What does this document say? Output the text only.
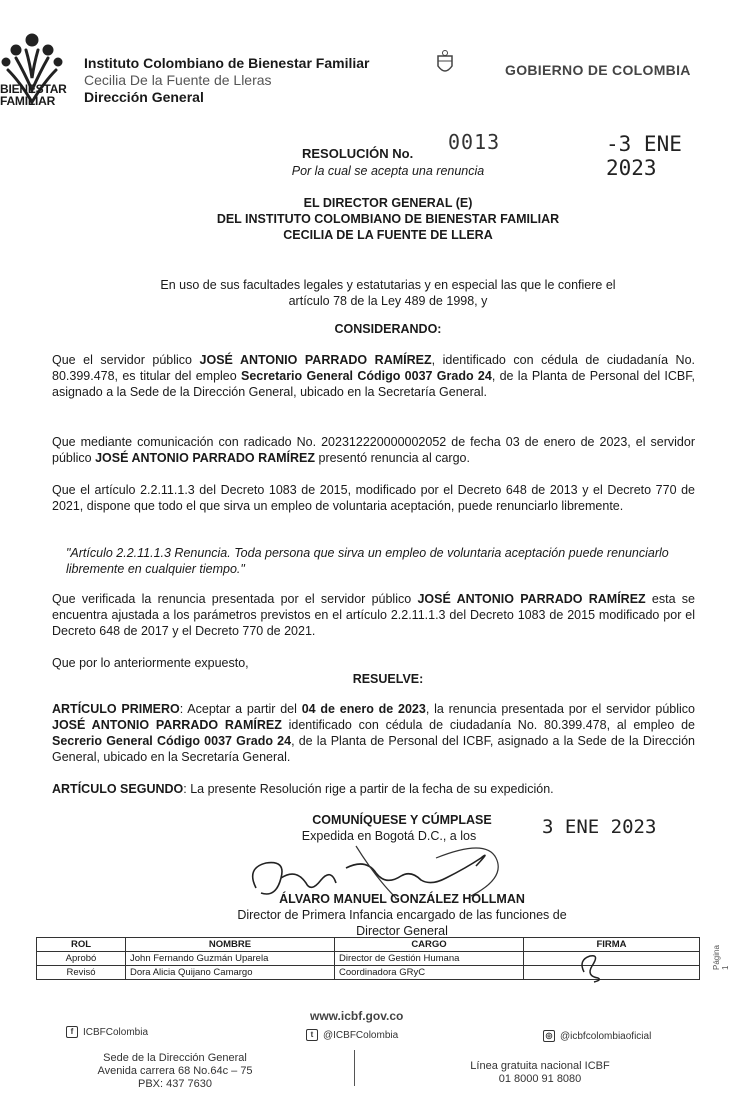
BIENESTAR
FAMILIAR
Instituto Colombiano de Bienestar Familiar
Cecilia De la Fuente de Lleras
Dirección General
GOBIERNO DE COLOMBIA
RESOLUCIÓN No. 0013	-3 ENE 2023
Por la cual se acepta una renuncia
EL DIRECTOR GENERAL (E)
DEL INSTITUTO COLOMBIANO DE BIENESTAR FAMILIAR
CECILIA DE LA FUENTE DE LLERA
En uso de sus facultades legales y estatutarias y en especial las que le confiere el
artículo 78 de la Ley 489 de 1998, y
CONSIDERANDO:
Que el servidor público JOSÉ ANTONIO PARRADO RAMÍREZ, identificado con cédula de ciudadanía No. 80.399.478, es titular del empleo Secretario General Código 0037 Grado 24, de la Planta de Personal del ICBF, asignado a la Sede de la Dirección General, ubicado en la Secretaría General.
Que mediante comunicación con radicado No. 202312220000002052 de fecha 03 de enero de 2023, el servidor público JOSÉ ANTONIO PARRADO RAMÍREZ presentó renuncia al cargo.
Que el artículo 2.2.11.1.3 del Decreto 1083 de 2015, modificado por el Decreto 648 de 2013 y el Decreto 770 de 2021, dispone que todo el que sirva un empleo de voluntaria aceptación, puede renunciarlo libremente.
"Artículo 2.2.11.1.3 Renuncia. Toda persona que sirva un empleo de voluntaria aceptación puede renunciarlo libremente en cualquier tiempo."
Que verificada la renuncia presentada por el servidor público JOSÉ ANTONIO PARRADO RAMÍREZ esta se encuentra ajustada a los parámetros previstos en el artículo 2.2.11.1.3 del Decreto 1083 de 2015 modificado por el Decreto 648 de 2017 y el Decreto 770 de 2021.
Que por lo anteriormente expuesto,
RESUELVE:
ARTÍCULO PRIMERO: Aceptar a partir del 04 de enero de 2023, la renuncia presentada por el servidor público JOSÉ ANTONIO PARRADO RAMÍREZ identificado con cédula de ciudadanía No. 80.399.478, al empleo de Secrerio General Código 0037 Grado 24, de la Planta de Personal del ICBF, asignado a la Sede de la Dirección General, ubicado en la Secretaría General.
ARTÍCULO SEGUNDO: La presente Resolución rige a partir de la fecha de su expedición.
COMUNÍQUESE Y CÚMPLASE
Expedida en Bogotá D.C., a los	3 ENE 2023
ÁLVARO MANUEL GONZÁLEZ HOLLMAN
Director de Primera Infancia encargado de las funciones de
Director General
ROL	NOMBRE	CARGO	FIRMA
Aprobó	John Fernando Guzmán Uparela	Director de Gestión Humana	
Revisó	Dora Alicia Quijano Camargo	Coordinadora GRyC	
Página 1
www.icbf.gov.co
f ICBFColombia	t @ICBFColombia	◎ @icbfcolombiaoficial
Sede de la Dirección General
Avenida carrera 68 No.64c – 75
PBX: 437 7630
Línea gratuita nacional ICBF
01 8000 91 8080
